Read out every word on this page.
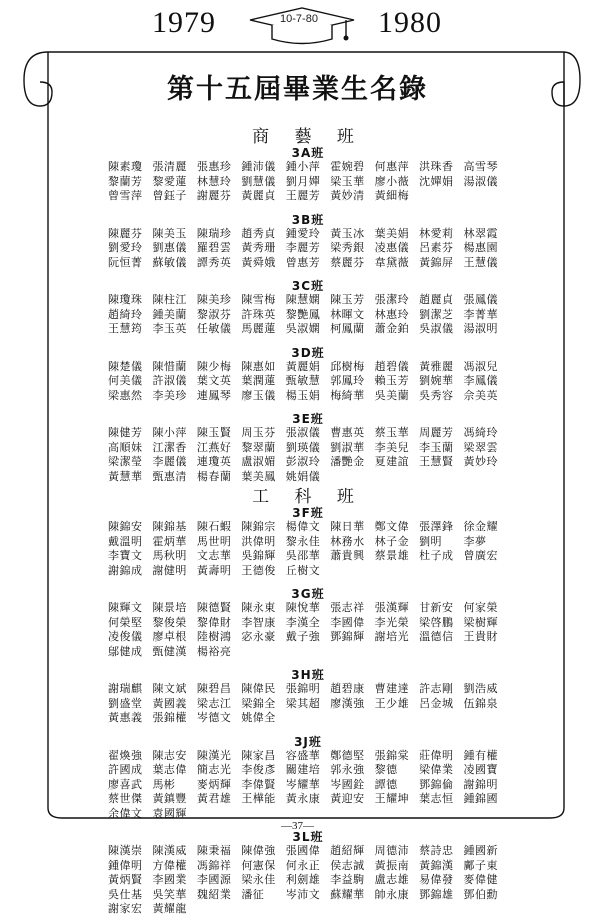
1979	10-7-80	1980
第十五屆畢業生名錄
商 藝 班
3A班
陳素瓊 張清麗 張惠珍 鍾沛儀 鍾小萍 霍婉碧 何惠萍 洪珠香 高雪琴
黎蘭芳 黎愛蓮 林慧玲 劉慧儀 劉月嬋 梁玉華 廖小薇 沈嬋娟 湯淑儀
曾雪萍 曾鈺子 謝麗芬 黃麗貞 王麗芳 黃妙清 黃細梅
3B班
陳麗芬 陳美玉 陳瑞珍 趙秀貞 鍾愛玲 黃玉冰 葉美娟 林愛莉 林翠霞
劉愛玲 劉惠儀 羅碧雲 黃秀珊 李麗芳 梁秀銀 凌惠儀 呂素芬 楊惠園
阮恒菁 蘇敏儀 譚秀英 黃舜娥 曾惠芳 蔡麗芬 韋黛薇 黃錦屏 王慧儀
3C班
陳瓊珠 陳柱江 陳美珍 陳雪梅 陳慧嫻 陳玉芳 張潔玲 趙麗貞 張鳳儀
趙綺玲 鍾美蘭 黎淑芬 許珠英 黎艷鳳 林暉文 林惠玲 劉潔芝 李菁華
王慧筠 李玉英 任敏儀 馬麗蓮 吳淑嫻 柯鳳蘭 蕭金鉑 吳淑儀 湯淑明
3D班
陳楚儀 陳惜蘭 陳少梅 陳惠如 黃麗娟 邱樹梅 趙碧儀 黃雅麗 馮淑兒
何美儀 許淑儀 葉文英 葉潤蓮 甄敏慧 郭鳳玲 賴玉芳 劉婉華 李鳳儀
梁惠然 李美珍 連鳳琴 廖玉儀 楊玉娟 梅綺華 吳美蘭 吳秀容 佘美英
3E班
陳健芳 陳小萍 陳玉賢 周玉芬 張淑儀 曹惠英 蔡玉華 周麗芳 馮綺玲
高順妹 江潔香 江燕好 黎翠蘭 劉瑛儀 劉淑華 李美兒 李玉蘭 梁翠雲
梁潔瑩 李麗儀 連瓊英 盧淑媚 彭淑玲 潘艷金 夏建誼 王慧賢 黃妙玲
黃慧華 甄惠清 楊春蘭 葉美鳳 姚娟儀
工 科 班
3F班
陳錦安 陳錦基 陳石蝦 陳錦宗 楊偉文 陳日華 鄭文偉 張澤鋒 徐金耀
戴溫明 霍炳華 馬世明 洪偉明 黎永佳 林務水 林子金 劉明	李夢
李寶文 馬秋明 文志華 吳錦輝 吳邵華 蕭貴興 蔡景雄 杜子成 曾廣宏
謝錦成 謝健明 黃壽明 王德俊 丘樹文
3G班
陳輝文 陳景培 陳德賢 陳永東 陳悅華 張志祥 張漢輝 甘新安 何家榮
何榮堅 黎俊榮 黎偉財 李智康 李漢全 李國偉 李光榮 梁啓鵬 梁樹輝
凌俊儀 廖卓根 陸樹鴻 宓永豪 戴子強 鄧錦輝 謝培光 溫德信 王貴財
鄔健成 甄健漢 楊裕亮
3H班
謝瑞麒 陳文斌 陳碧昌 陳偉民 張錦明 趙碧康 曹建達 許志剛 劉浩威
劉盛堂 黃國義 梁志江 梁錦全 梁其超 廖漢強 王少雄 呂金城 伍錦泉
黃惠義 張錦權 岑德文 姚偉全
3J班
翟煥強 陳志安 陳漢光 陳家昌 容盛華 鄭德堅 張錦棠 莊偉明 鍾有權
許國成 葉志偉 簡志光 李俊彥 關建培 郭永強 黎德	梁偉業 凌國寶
廖喜武 馬彬	麥炳輝 李偉賢 岑耀華 岑國銓 譚德	鄧錦倫 謝錦明
蔡世傑 黃鎮豐 黃君雄 王樺能 黃永康 黃迎安 王耀坤 葉志恒 鍾錦國
余偉文 袁國輝
3L班
陳漢崇 陳漢威 陳秉福 陳偉強 張國偉 趙紹輝 周德沛 蔡詩忠 鍾國新
鍾偉明 方偉權 馮錦祥 何憲保 何永正 侯志誠 黃振南 黃錦漢 鄺子東
黃炳賢 李國業 李國源 梁永佳 利劍雄 李益駒 盧志雄 易偉發 麥偉健
吳仕基 吳笑華 魏紹業 潘征	岑沛文 蘇耀華 帥永康 鄧錦雄 鄧伯勳
謝家宏 黃耀龍
—37—
